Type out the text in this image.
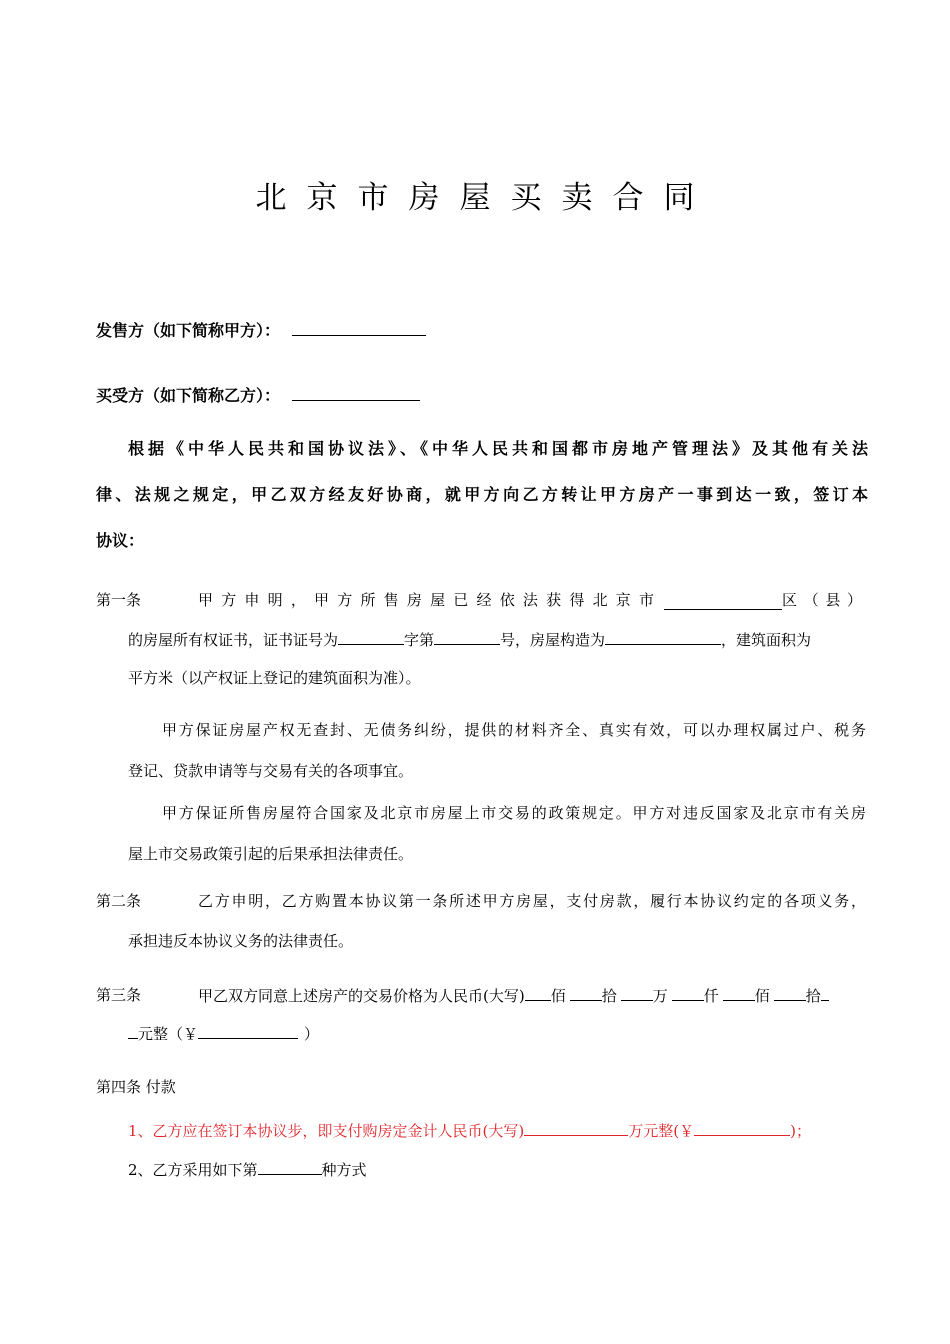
北京市房屋买卖合同
发售方（如下简称甲方）：
买受方（如下简称乙方）：
根据《中华人民共和国协议法》、《中华人民共和国都市房地产管理法》及其他有关法
律、法规之规定，甲乙双方经友好协商，就甲方向乙方转让甲方房产一事到达一致，签订本
协议：
第一条	甲方申明，甲方所售房屋已经依法获得北京市	区（县）
的房屋所有权证书，证书证号为	字第	号，房屋构造为	，建筑面积为
平方米（以产权证上登记的建筑面积为准）。
甲方保证房屋产权无查封、无债务纠纷，提供的材料齐全、真实有效，可以办理权属过户、税务
登记、贷款申请等与交易有关的各项事宜。
甲方保证所售房屋符合国家及北京市房屋上市交易的政策规定。甲方对违反国家及北京市有关房
屋上市交易政策引起的后果承担法律责任。
第二条	乙方申明，乙方购置本协议第一条所述甲方房屋，支付房款，履行本协议约定的各项义务，
承担违反本协议义务的法律责任。
第三条	甲乙双方同意上述房产的交易价格为人民币(大写) 佰 拾 万 仟 佰 拾
元整（￥	）
第四条 付款
1、乙方应在签订本协议步，即支付购房定金计人民币(大写)	万元整(￥	)；
2、乙方采用如下第	种方式
